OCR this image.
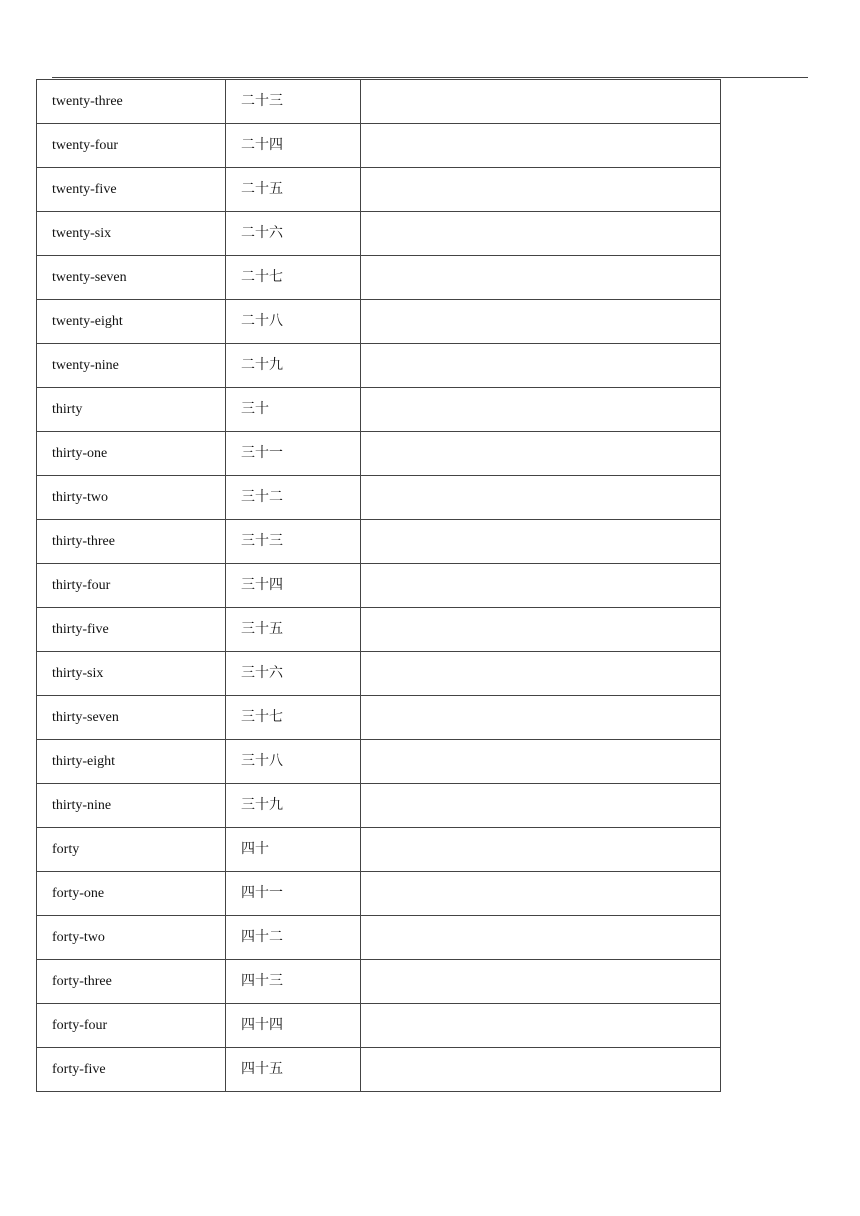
twenty-three	二十三	
twenty-four	二十四	
twenty-five	二十五	
twenty-six	二十六	
twenty-seven	二十七	
twenty-eight	二十八	
twenty-nine	二十九	
thirty	三十	
thirty-one	三十一	
thirty-two	三十二	
thirty-three	三十三	
thirty-four	三十四	
thirty-five	三十五	
thirty-six	三十六	
thirty-seven	三十七	
thirty-eight	三十八	
thirty-nine	三十九	
forty	四十	
forty-one	四十一	
forty-two	四十二	
forty-three	四十三	
forty-four	四十四	
forty-five	四十五	
